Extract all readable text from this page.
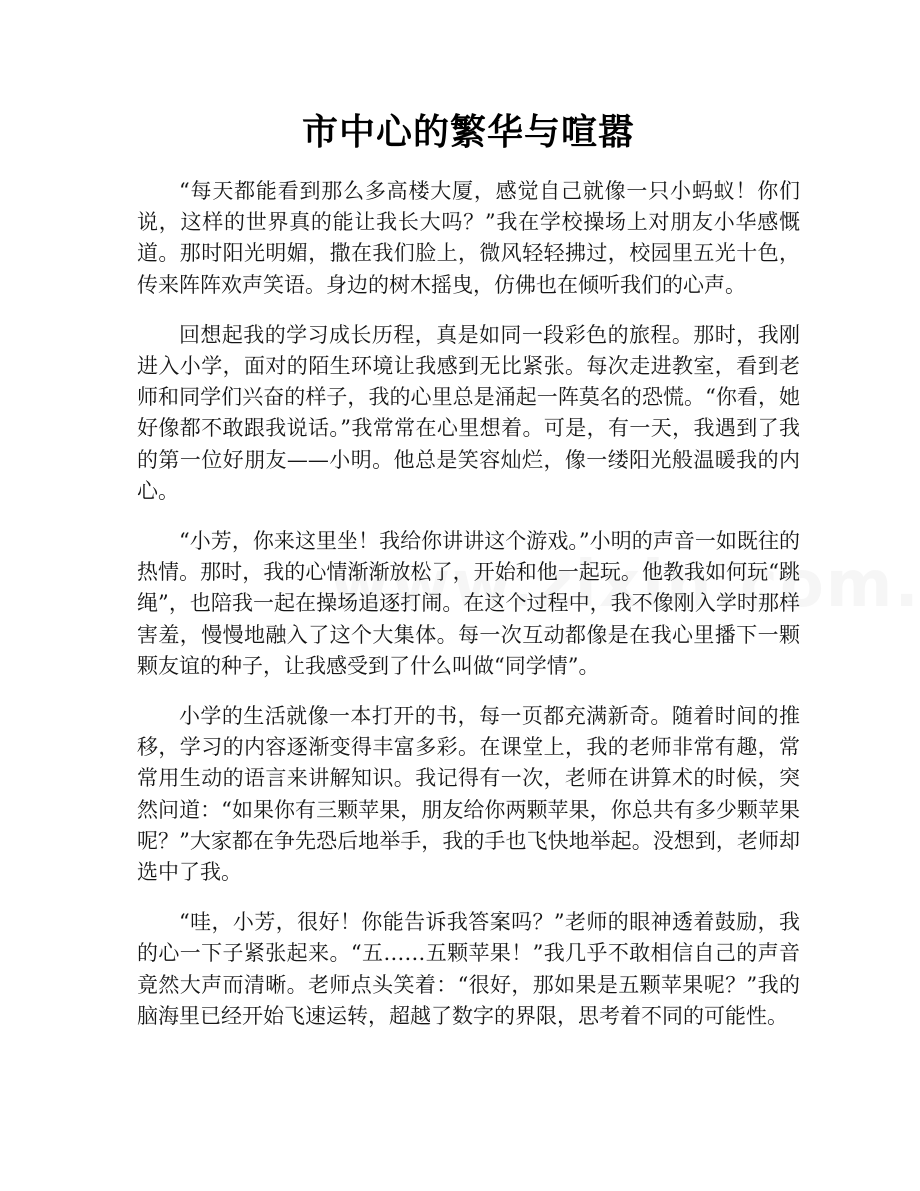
市中心的繁华与喧嚣

“每天都能看到那么多高楼大厦，感觉自己就像一只小蚂蚁！你们说，这样的世界真的能让我长大吗？”我在学校操场上对朋友小华感慨道。那时阳光明媚，撒在我们脸上，微风轻轻拂过，校园里五光十色，传来阵阵欢声笑语。身边的树木摇曳，仿佛也在倾听我们的心声。

回想起我的学习成长历程，真是如同一段彩色的旅程。那时，我刚进入小学，面对的陌生环境让我感到无比紧张。每次走进教室，看到老师和同学们兴奋的样子，我的心里总是涌起一阵莫名的恐慌。“你看，她好像都不敢跟我说话。”我常常在心里想着。可是，有一天，我遇到了我的第一位好朋友——小明。他总是笑容灿烂，像一缕阳光般温暖我的内心。

“小芳，你来这里坐！我给你讲讲这个游戏。”小明的声音一如既往的热情。那时，我的心情渐渐放松了，开始和他一起玩。他教我如何玩“跳绳”，也陪我一起在操场追逐打闹。在这个过程中，我不像刚入学时那样害羞，慢慢地融入了这个大集体。每一次互动都像是在我心里播下一颗颗友谊的种子，让我感受到了什么叫做“同学情”。

小学的生活就像一本打开的书，每一页都充满新奇。随着时间的推移，学习的内容逐渐变得丰富多彩。在课堂上，我的老师非常有趣，常常用生动的语言来讲解知识。我记得有一次，老师在讲算术的时候，突然问道：“如果你有三颗苹果，朋友给你两颗苹果，你总共有多少颗苹果呢？”大家都在争先恐后地举手，我的手也飞快地举起。没想到，老师却选中了我。

“哇，小芳，很好！你能告诉我答案吗？”老师的眼神透着鼓励，我的心一下子紧张起来。“五……五颗苹果！”我几乎不敢相信自己的声音竟然大声而清晰。老师点头笑着：“很好，那如果是五颗苹果呢？”我的脑海里已经开始飞速运转，超越了数字的界限，思考着不同的可能性。
